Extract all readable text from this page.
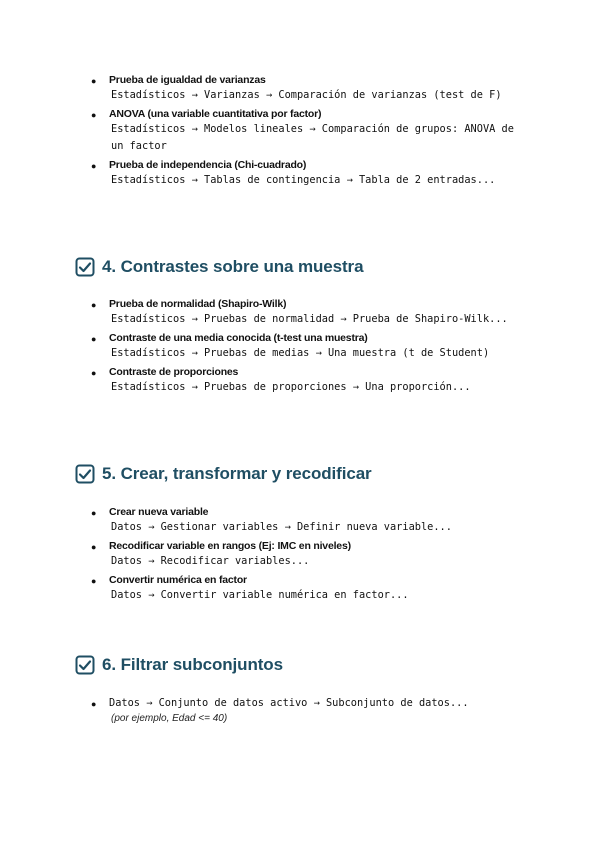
● Prueba de igualdad de varianzas
Estadísticos → Varianzas → Comparación de varianzas (test de F)
● ANOVA (una variable cuantitativa por factor)
Estadísticos → Modelos lineales → Comparación de grupos: ANOVA de un factor
● Prueba de independencia (Chi-cuadrado)
Estadísticos → Tablas de contingencia → Tabla de 2 entradas...
4. Contrastes sobre una muestra
● Prueba de normalidad (Shapiro-Wilk)
Estadísticos → Pruebas de normalidad → Prueba de Shapiro-Wilk...
● Contraste de una media conocida (t-test una muestra)
Estadísticos → Pruebas de medias → Una muestra (t de Student)
● Contraste de proporciones
Estadísticos → Pruebas de proporciones → Una proporción...
5. Crear, transformar y recodificar
● Crear nueva variable
Datos → Gestionar variables → Definir nueva variable...
● Recodificar variable en rangos (Ej: IMC en niveles)
Datos → Recodificar variables...
● Convertir numérica en factor
Datos → Convertir variable numérica en factor...
6. Filtrar subconjuntos
● Datos → Conjunto de datos activo → Subconjunto de datos...
(por ejemplo, Edad <= 40)
